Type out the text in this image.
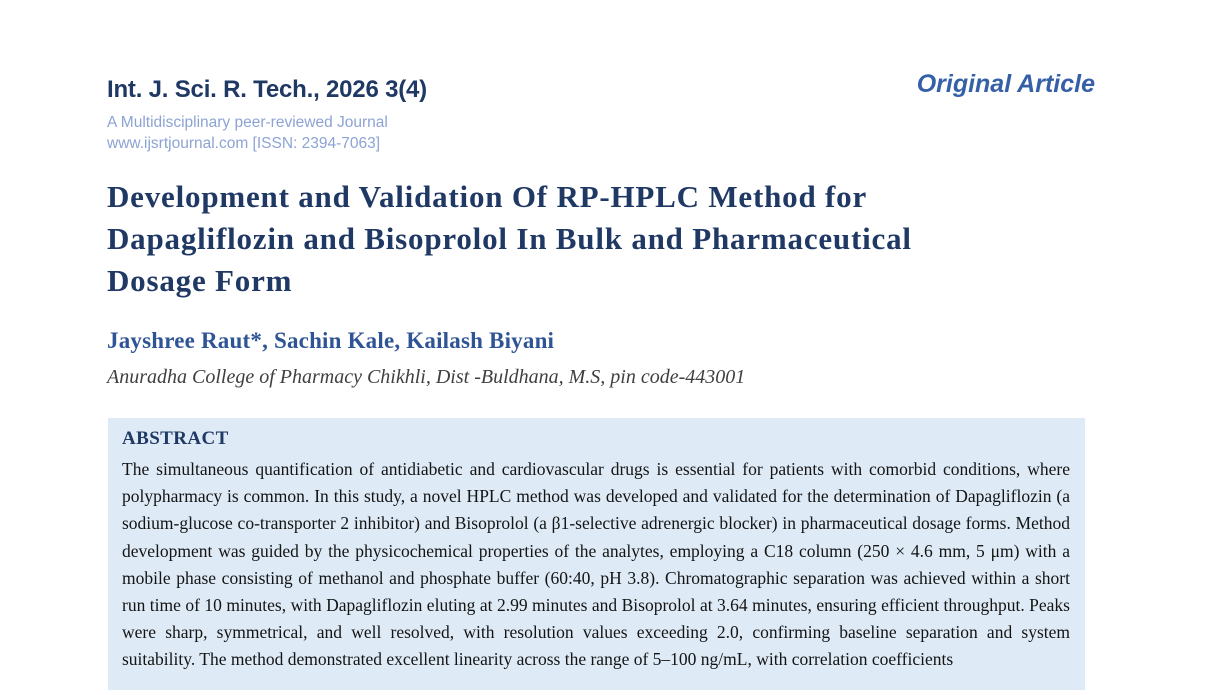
Int. J. Sci. R. Tech., 2026 3(4)
A Multidisciplinary peer-reviewed Journal
www.ijsrtjournal.com [ISSN: 2394-7063]
Original Article
Development and Validation Of RP-HPLC Method for
Dapagliflozin and Bisoprolol In Bulk and Pharmaceutical
Dosage Form
Jayshree Raut*, Sachin Kale, Kailash Biyani
Anuradha College of Pharmacy Chikhli, Dist -Buldhana, M.S, pin code-443001
ABSTRACT
The simultaneous quantification of antidiabetic and cardiovascular drugs is essential for patients with comorbid conditions, where polypharmacy is common. In this study, a novel HPLC method was developed and validated for the determination of Dapagliflozin (a sodium-glucose co-transporter 2 inhibitor) and Bisoprolol (a β1-selective adrenergic blocker) in pharmaceutical dosage forms. Method development was guided by the physicochemical properties of the analytes, employing a C18 column (250 × 4.6 mm, 5 μm) with a mobile phase consisting of methanol and phosphate buffer (60:40, pH 3.8). Chromatographic separation was achieved within a short run time of 10 minutes, with Dapagliflozin eluting at 2.99 minutes and Bisoprolol at 3.64 minutes, ensuring efficient throughput. Peaks were sharp, symmetrical, and well resolved, with resolution values exceeding 2.0, confirming baseline separation and system suitability. The method demonstrated excellent linearity across the range of 5–100 ng/mL, with correlation coefficients
